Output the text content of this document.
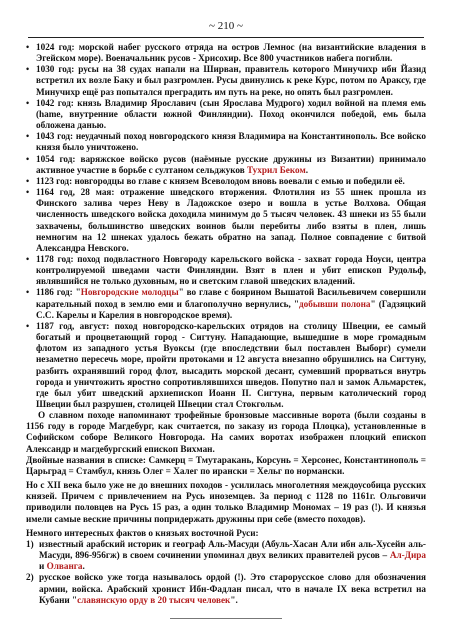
~ 210 ~
• 1024 год: морской набег русского отряда на остров Лемнос (на византийские владения в Эгейском море). Военачальник русов - Хрисохир. Все 800 участников набега погибли.
• 1030 год: русы на 38 судах напали на Ширван, правитель которого Минучихр ибн Йазид встретил их возле Баку и был разгромлен. Русы двинулись к реке Курс, потом по Араксу, где Минучихр ещё раз попытался преградить им путь на реке, но опять был разгромлен.
• 1042 год: князь Владимир Ярославич (сын Ярослава Мудрого) ходил войной на племя емь (hame, внутренние области южной Финляндии). Поход окончился победой, емь была обложена данью.
• 1043 год: неудачный поход новгородского князя Владимира на Константинополь. Все войско князя было уничтожено.
• 1054 год: варяжское войско русов (наёмные русские дружины из Византии) принимало активное участие в борьбе с султаном сельджуков Тухрил Беком.
• 1123 год: новгородцы во главе с князем Всеволодом вновь воевали с емью и победили её.
• 1164 год, 28 мая: отражение шведского вторжения. Флотилия из 55 шнек прошла из Финского залива через Неву в Ладожское озеро и вошла в устье Волхова. Общая численность шведского войска доходила минимум до 5 тысяч человек. 43 шнеки из 55 были захвачены, большинство шведских воинов были перебиты либо взяты в плен, лишь немногим на 12 шнеках удалось бежать обратно на запад. Полное совпадение с битвой Александра Невского.
• 1178 год: поход подвластного Новгороду карельского войска - захват города Ноуси, центра контролируемой шведами части Финляндии. Взят в плен и убит епископ Рудольф, являвшийся не только духовным, но и светским главой шведских владений.
• 1186 год: "Новгородские молодцы" во главе с боярином Вышатой Васильевичем совершили карательный поход в землю еми и благополучно вернулись, "добывши полона" (Гадзяцкий С.С. Карелы и Карелия в новгородское время).
• 1187 год, август: поход новгородско-карельских отрядов на столицу Швеции, ее самый богатый и процветающий город - Сигтуну. Нападающие, вышедшие в море громадным флотом из западного устья Вуоксы (где впоследствии был поставлен Выборг) сумели незаметно пересечь море, пройти протоками и 12 августа внезапно обрушились на Сигтуну, разбить охранявший город флот, высадить морской десант, сумевший прорваться внутрь города и уничтожить яростно сопротивлявшихся шведов. Попутно пал и замок Альмарстек, где был убит шведский архиепископ Иоанн II. Сигтуна, первым католический город Швеции был разрушен, столицей Швеции стал Стокгольм.
О славном походе напоминают трофейные бронзовые массивные ворота (были созданы в 1156 году в городе Магдебург, как считается, по заказу из города Плоцка), установленные в Софийском соборе Великого Новгорода. На самих воротах изображен плоцкий епископ Александр и магдебургский епископ Вихман.
Двойные названия в списке: Самкерц = Тмутаракань, Корсунь = Херсонес, Константинополь = Царьград = Стамбул, князь Олег = Халег по ирански = Хельг по нормански.
Но с XII века было уже не до внешних походов - усилилась многолетняя междоусобица русских князей. Причем с привлечением на Русь иноземцев. За период с 1128 по 1161г. Ольговичи приводили половцев на Русь 15 раз, а один только Владимир Мономах – 19 раз (!). И князья имели самые веские причины попридержать дружины при себе (вместо походов).
Немного интересных фактов о князьях восточной Руси:
1) известный арабский историк и географ Аль-Масуди (Абуль-Хасан Али ибн аль-Хусейн аль-Масуди, 896-956гж) в своем сочинении упоминал двух великих правителей русов – Ал-Дира и Олванга.
2) русское войско уже тогда называлось ордой (!). Это старорусское слово для обозначения армии, войска. Арабский хронист Ибн-Фадлан писал, что в начале IX века встретил на Кубани "славянскую орду в 20 тысяч человек".
